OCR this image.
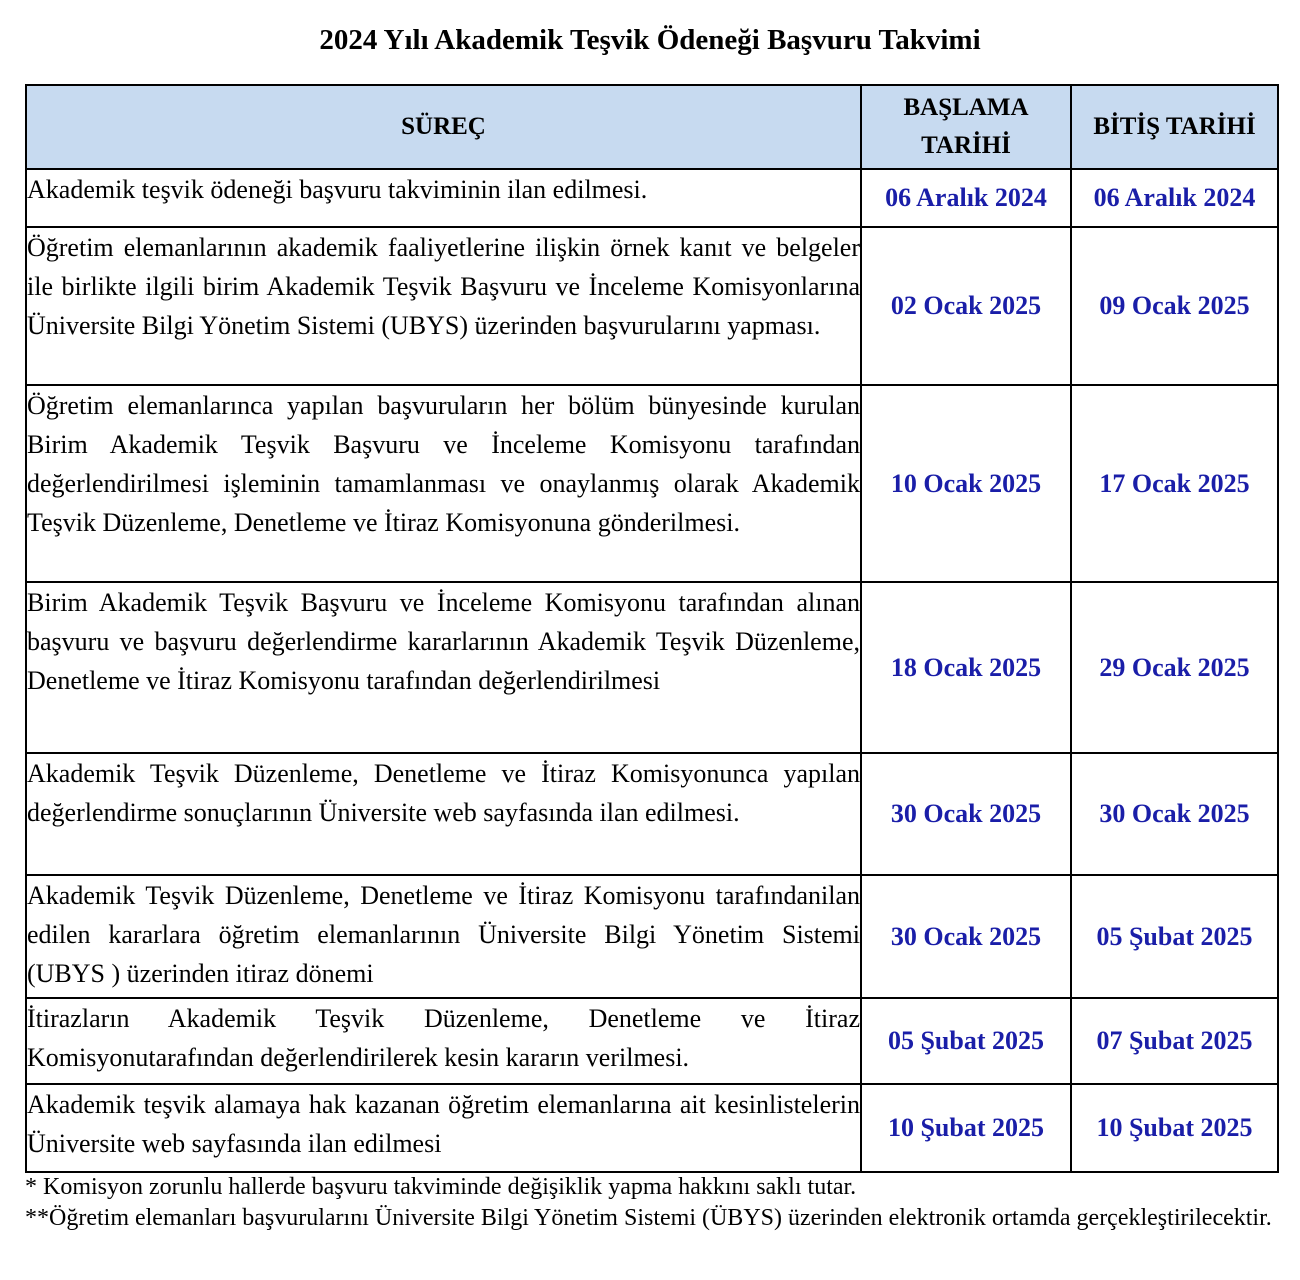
2024 Yılı Akademik Teşvik Ödeneği Başvuru Takvimi
SÜREÇ	BAŞLAMA TARİHİ	BİTİŞ TARİHİ
Akademik teşvik ödeneği başvuru takviminin ilan edilmesi.	06 Aralık 2024	06 Aralık 2024
Öğretim elemanlarının akademik faaliyetlerine ilişkin örnek kanıt ve belgeler ile birlikte ilgili birim Akademik Teşvik Başvuru ve İnceleme Komisyonlarına Üniversite Bilgi Yönetim Sistemi (UBYS) üzerinden başvurularını yapması.	02 Ocak 2025	09 Ocak 2025
Öğretim elemanlarınca yapılan başvuruların her bölüm bünyesinde kurulan Birim Akademik Teşvik Başvuru ve İnceleme Komisyonu tarafından değerlendirilmesi işleminin tamamlanması ve onaylanmış olarak Akademik Teşvik Düzenleme, Denetleme ve İtiraz Komisyonuna gönderilmesi.	10 Ocak 2025	17 Ocak 2025
Birim Akademik Teşvik Başvuru ve İnceleme Komisyonu tarafından alınan başvuru ve başvuru değerlendirme kararlarının Akademik Teşvik Düzenleme, Denetleme ve İtiraz Komisyonu tarafından değerlendirilmesi	18 Ocak 2025	29 Ocak 2025
Akademik Teşvik Düzenleme, Denetleme ve İtiraz Komisyonunca yapılan değerlendirme sonuçlarının Üniversite web sayfasında ilan edilmesi.	30 Ocak 2025	30 Ocak 2025
Akademik Teşvik Düzenleme, Denetleme ve İtiraz Komisyonu tarafındanilan edilen kararlara öğretim elemanlarının Üniversite Bilgi Yönetim Sistemi (UBYS ) üzerinden itiraz dönemi	30 Ocak 2025	05 Şubat 2025
İtirazların Akademik Teşvik Düzenleme, Denetleme ve İtiraz Komisyonutarafından değerlendirilerek kesin kararın verilmesi.	05 Şubat 2025	07 Şubat 2025
Akademik teşvik alamaya hak kazanan öğretim elemanlarına ait kesinlistelerin Üniversite web sayfasında ilan edilmesi	10 Şubat 2025	10 Şubat 2025

* Komisyon zorunlu hallerde başvuru takviminde değişiklik yapma hakkını saklı tutar.

**Öğretim elemanları başvurularını Üniversite Bilgi Yönetim Sistemi (ÜBYS) üzerinden elektronik ortamda gerçekleştirilecektir.
